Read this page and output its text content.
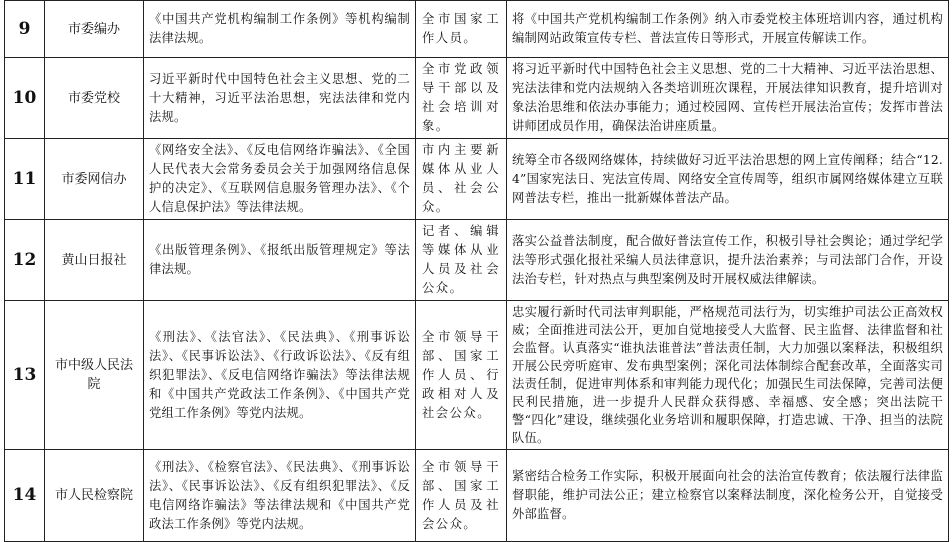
9	市委编办	《中国共产党机构编制工作条例》等机构编制法律法规。	全市国家工作人员。	将《中国共产党机构编制工作条例》纳入市委党校主体班培训内容，通过机构编制网站政策宣传专栏、普法宣传日等形式，开展宣传解读工作。
10	市委党校	习近平新时代中国特色社会主义思想、党的二十大精神，习近平法治思想，宪法法律和党内法规。	全市党政领导干部以及社会培训对象。	将习近平新时代中国特色社会主义思想、党的二十大精神、习近平法治思想、宪法法律和党内法规纳入各类培训班次课程，开展法律知识教育，提升培训对象法治思维和依法办事能力；通过校园网、宣传栏开展法治宣传；发挥市普法讲师团成员作用，确保法治讲座质量。
11	市委网信办	《网络安全法》、《反电信网络诈骗法》、《全国人民代表大会常务委员会关于加强网络信息保护的决定》、《互联网信息服务管理办法》、《个人信息保护法》等法律法规。	市内主要新媒体从业人员、社会公众。	统筹全市各级网络媒体，持续做好习近平法治思想的网上宣传阐释；结合“12.4”国家宪法日、宪法宣传周、网络安全宣传周等，组织市属网络媒体建立互联网普法专栏，推出一批新媒体普法产品。
12	黄山日报社	《出版管理条例》、《报纸出版管理规定》等法律法规。	记者、编辑等媒体从业人员及社会公众。	落实公益普法制度，配合做好普法宣传工作，积极引导社会舆论；通过学纪学法等形式强化报社采编人员法律意识，提升法治素养；与司法部门合作，开设法治专栏，针对热点与典型案例及时开展权威法律解读。
13	市中级人民法院	《刑法》、《法官法》、《民法典》、《刑事诉讼法》、《民事诉讼法》、《行政诉讼法》、《反有组织犯罪法》、《反电信网络诈骗法》等法律法规和《中国共产党政法工作条例》、《中国共产党党组工作条例》等党内法规。	全市领导干部、国家工作人员、行政相对人及社会公众。	忠实履行新时代司法审判职能，严格规范司法行为，切实维护司法公正高效权威；全面推进司法公开，更加自觉地接受人大监督、民主监督、法律监督和社会监督。认真落实“谁执法谁普法”普法责任制，大力加强以案释法，积极组织开展公民旁听庭审、发布典型案例；深化司法体制综合配套改革，全面落实司法责任制，促进审判体系和审判能力现代化；加强民生司法保障，完善司法便民利民措施，进一步提升人民群众获得感、幸福感、安全感；突出法院干警“四化”建设，继续强化业务培训和履职保障，打造忠诚、干净、担当的法院队伍。
14	市人民检察院	《刑法》、《检察官法》、《民法典》、《刑事诉讼法》、《民事诉讼法》、《反有组织犯罪法》、《反电信网络诈骗法》等法律法规和《中国共产党政法工作条例》等党内法规。	全市领导干部、国家工作人员及社会公众。	紧密结合检务工作实际，积极开展面向社会的法治宣传教育；依法履行法律监督职能，维护司法公正；建立检察官以案释法制度，深化检务公开，自觉接受外部监督。
